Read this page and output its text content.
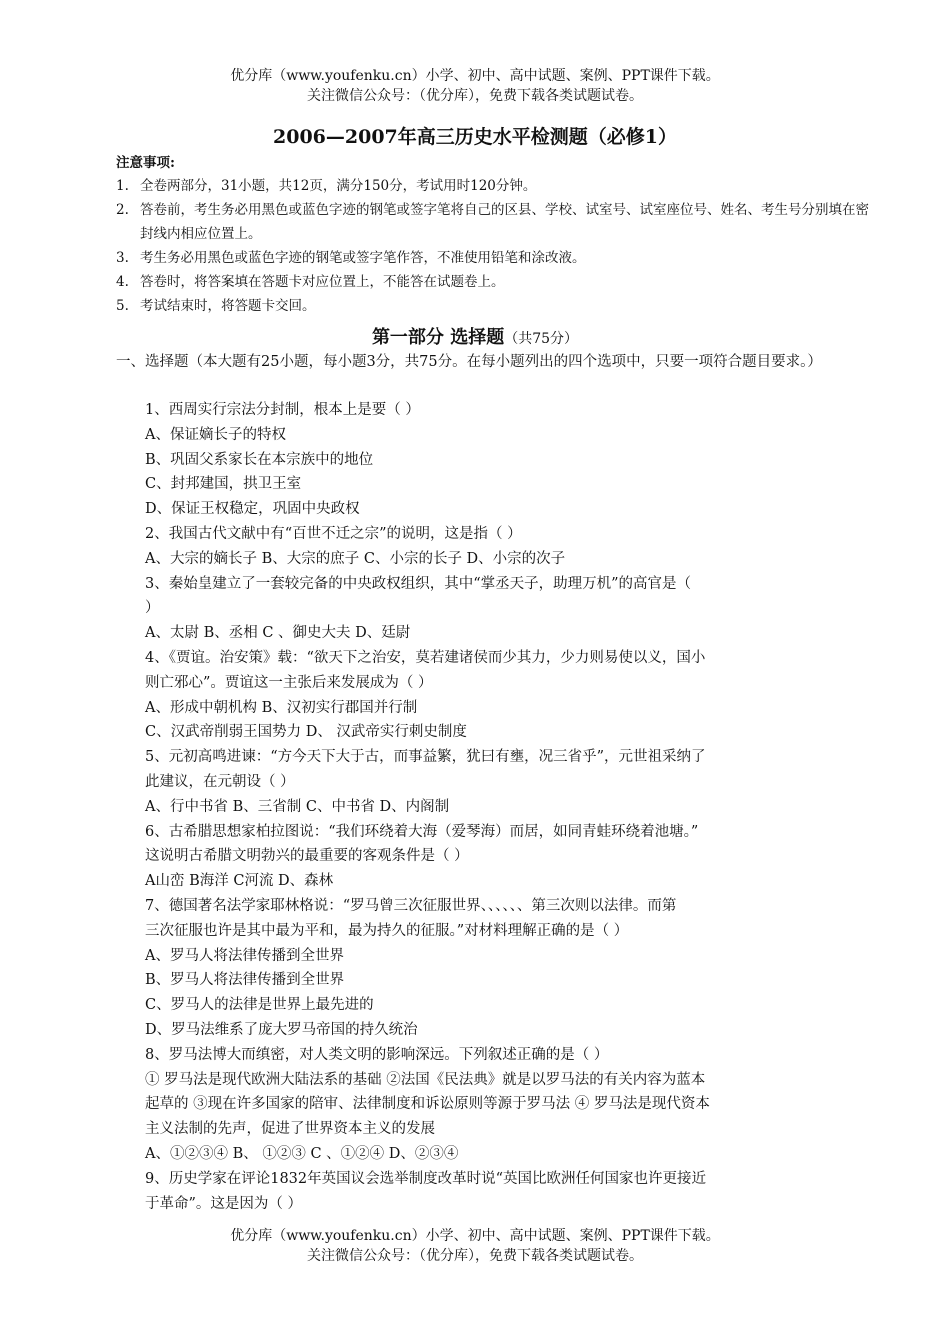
优分库（www.youfenku.cn）小学、初中、高中试题、案例、PPT课件下载。
关注微信公众号：（优分库），免费下载各类试题试卷。
2006—2007年高三历史水平检测题（必修1）
注意事项:
1. 全卷两部分，31小题，共12页，满分150分，考试用时120分钟。
2. 答卷前，考生务必用黑色或蓝色字迹的钢笔或签字笔将自己的区县、学校、试室号、试室座位号、姓名、考生号分别填在密封线内相应位置上。
3. 考生务必用黑色或蓝色字迹的钢笔或签字笔作答，不准使用铅笔和涂改液。
4. 答卷时，将答案填在答题卡对应位置上，不能答在试题卷上。
5. 考试结束时，将答题卡交回。
第一部分 选择题（共75分）
一、选择题（本大题有25小题，每小题3分，共75分。在每小题列出的四个选项中，只要一项符合题目要求。）
1、西周实行宗法分封制，根本上是要（ ）
A、保证嫡长子的特权
B、巩固父系家长在本宗族中的地位
C、封邦建国，拱卫王室
D、保证王权稳定，巩固中央政权
2、我国古代文献中有“百世不迁之宗”的说明，这是指（ ）
A、大宗的嫡长子 B、大宗的庶子 C、小宗的长子 D、小宗的次子
3、秦始皇建立了一套较完备的中央政权组织，其中“掌丞天子，助理万机”的高官是（
）
A、太尉 B、丞相 C 、御史大夫 D、廷尉
4、《贾谊。治安策》载：“欲天下之治安，莫若建诸侯而少其力，少力则易使以义，国小
则亡邪心”。贾谊这一主张后来发展成为（ ）
A、形成中朝机构 B、汉初实行郡国并行制
C、汉武帝削弱王国势力 D、 汉武帝实行刺史制度
5、元初高鸣进谏：“方今天下大于古，而事益繁，犹曰有壅，况三省乎”，元世祖采纳了
此建议，在元朝设（ ）
A、行中书省 B、三省制 C、中书省 D、内阁制
6、古希腊思想家柏拉图说：“我们环绕着大海（爱琴海）而居，如同青蛙环绕着池塘。”
这说明古希腊文明勃兴的最重要的客观条件是（ ）
A山峦 B海洋 C河流 D、森林
7、德国著名法学家耶林格说：“罗马曾三次征服世界、、、、、、第三次则以法律。而第
三次征服也许是其中最为平和，最为持久的征服。”对材料理解正确的是（ ）
A、罗马人将法律传播到全世界
B、罗马人将法律传播到全世界
C、罗马人的法律是世界上最先进的
D、罗马法维系了庞大罗马帝国的持久统治
8、罗马法博大而缜密，对人类文明的影响深远。下列叙述正确的是（ ）
① 罗马法是现代欧洲大陆法系的基础 ②法国《民法典》就是以罗马法的有关内容为蓝本
起草的 ③现在许多国家的陪审、法律制度和诉讼原则等源于罗马法 ④ 罗马法是现代资本
主义法制的先声，促进了世界资本主义的发展
A、①②③④ B、 ①②③ C 、①②④ D、②③④
9、历史学家在评论1832年英国议会选举制度改革时说“英国比欧洲任何国家也许更接近
于革命”。这是因为（ ）
优分库（www.youfenku.cn）小学、初中、高中试题、案例、PPT课件下载。
关注微信公众号：（优分库），免费下载各类试题试卷。
